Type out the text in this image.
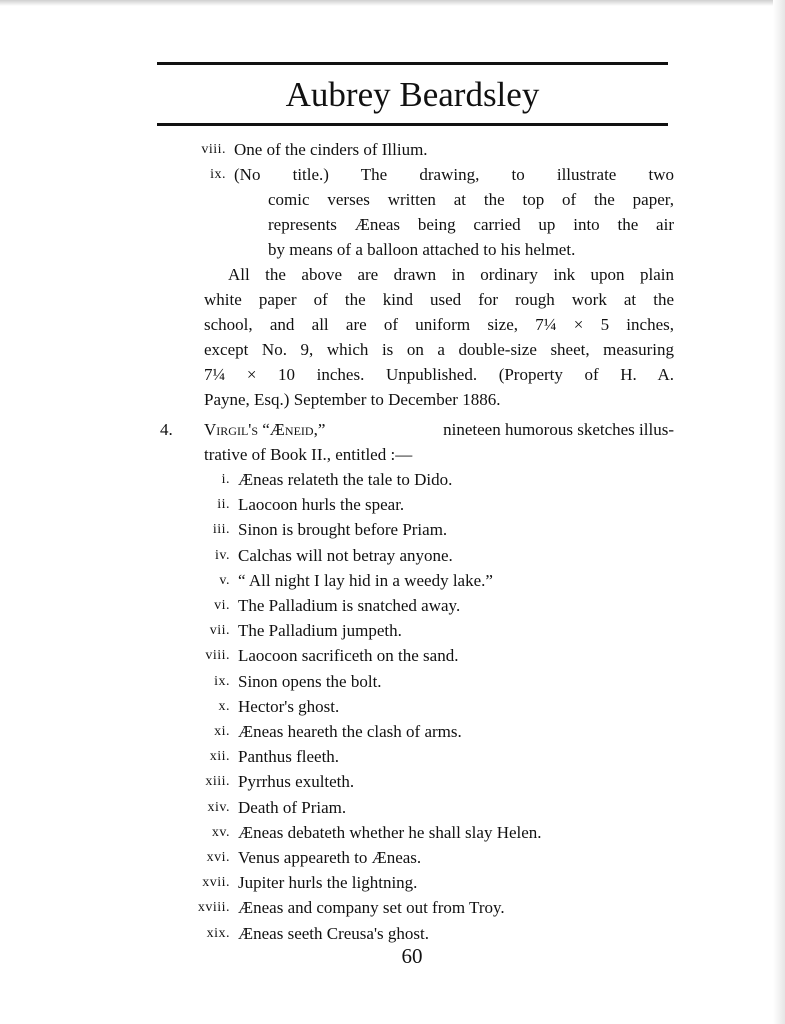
Aubrey Beardsley
viii. One of the cinders of Illium.
ix. (No title.) The drawing, to illustrate two
comic verses written at the top of the paper,
represents Æneas being carried up into the air
by means of a balloon attached to his helmet.
All the above are drawn in ordinary ink upon plain
white paper of the kind used for rough work at the
school, and all are of uniform size, 7¼ × 5 inches,
except No. 9, which is on a double-size sheet, measuring
7¼ × 10 inches. Unpublished. (Property of H. A.
Payne, Esq.) September to December 1886.
4. Virgil's “Æneid,”	nineteen humorous sketches illus-
trative of Book II., entitled :—
i. Æneas relateth the tale to Dido.
ii. Laocoon hurls the spear.
iii. Sinon is brought before Priam.
iv. Calchas will not betray anyone.
v. “ All night I lay hid in a weedy lake.”
vi. The Palladium is snatched away.
vii. The Palladium jumpeth.
viii. Laocoon sacrificeth on the sand.
ix. Sinon opens the bolt.
x. Hector's ghost.
xi. Æneas heareth the clash of arms.
xii. Panthus fleeth.
xiii. Pyrrhus exulteth.
xiv. Death of Priam.
xv. Æneas debateth whether he shall slay Helen.
xvi. Venus appeareth to Æneas.
xvii. Jupiter hurls the lightning.
xviii. Æneas and company set out from Troy.
xix. Æneas seeth Creusa's ghost.
60
